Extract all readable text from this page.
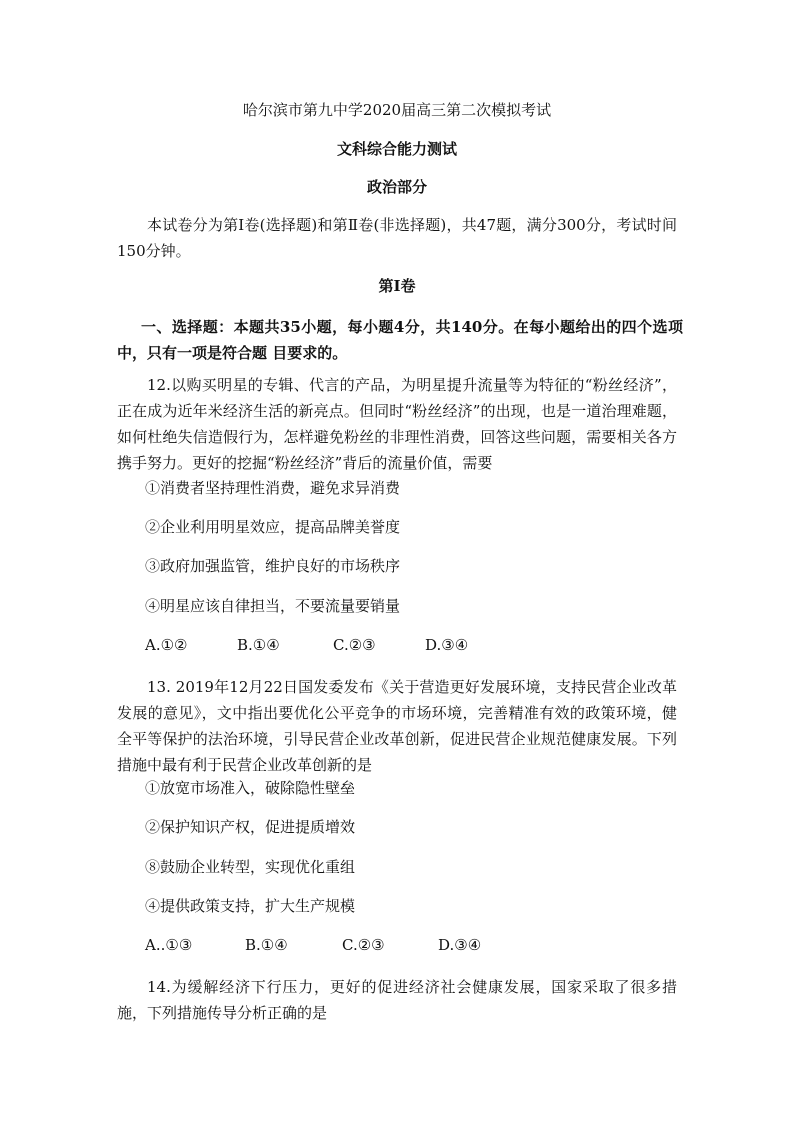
哈尔滨市第九中学2020届高三第二次模拟考试
文科综合能力测试
政治部分
本试卷分为第Ⅰ卷(选择题)和第Ⅱ卷(非选择题)，共47题，满分300分，考试时间150分钟。
第Ⅰ卷
一、选择题：本题共35小题，每小题4分，共140分。在每小题给出的四个选项中，只有一项是符合题 目要求的。
12.以购买明星的专辑、代言的产品，为明星提升流量等为特征的“粉丝经济”，正在成为近年米经济生活的新亮点。但同时“粉丝经济”的出现，也是一道治理难题，如何杜绝失信造假行为，怎样避免粉丝的非理性消费，回答这些问题，需要相关各方携手努力。更好的挖掘“粉丝经济”背后的流量价值，需要
①消费者坚持理性消费，避免求异消费
②企业利用明星效应，提高品牌美誉度
③政府加强监管，维护良好的市场秩序
④明星应该自律担当，不要流量要销量
A.①②	B.①④	C.②③	D.③④
13. 2019年12月22日国发委发布《关于营造更好发展环境，支持民营企业改革发展的意见》，文中指出要优化公平竞争的市场环境，完善精准有效的政策环境，健全平等保护的法治环境，引导民营企业改革创新，促进民营企业规范健康发展。下列措施中最有利于民营企业改革创新的是
①放宽市场准入，破除隐性壁垒
②保护知识产权，促进提质增效
⑧鼓励企业转型，实现优化重组
④提供政策支持，扩大生产规模
A..①③	B.①④	C.②③	D.③④
14.为缓解经济下行压力，更好的促进经济社会健康发展，国家采取了很多措施，下列措施传导分析正确的是
